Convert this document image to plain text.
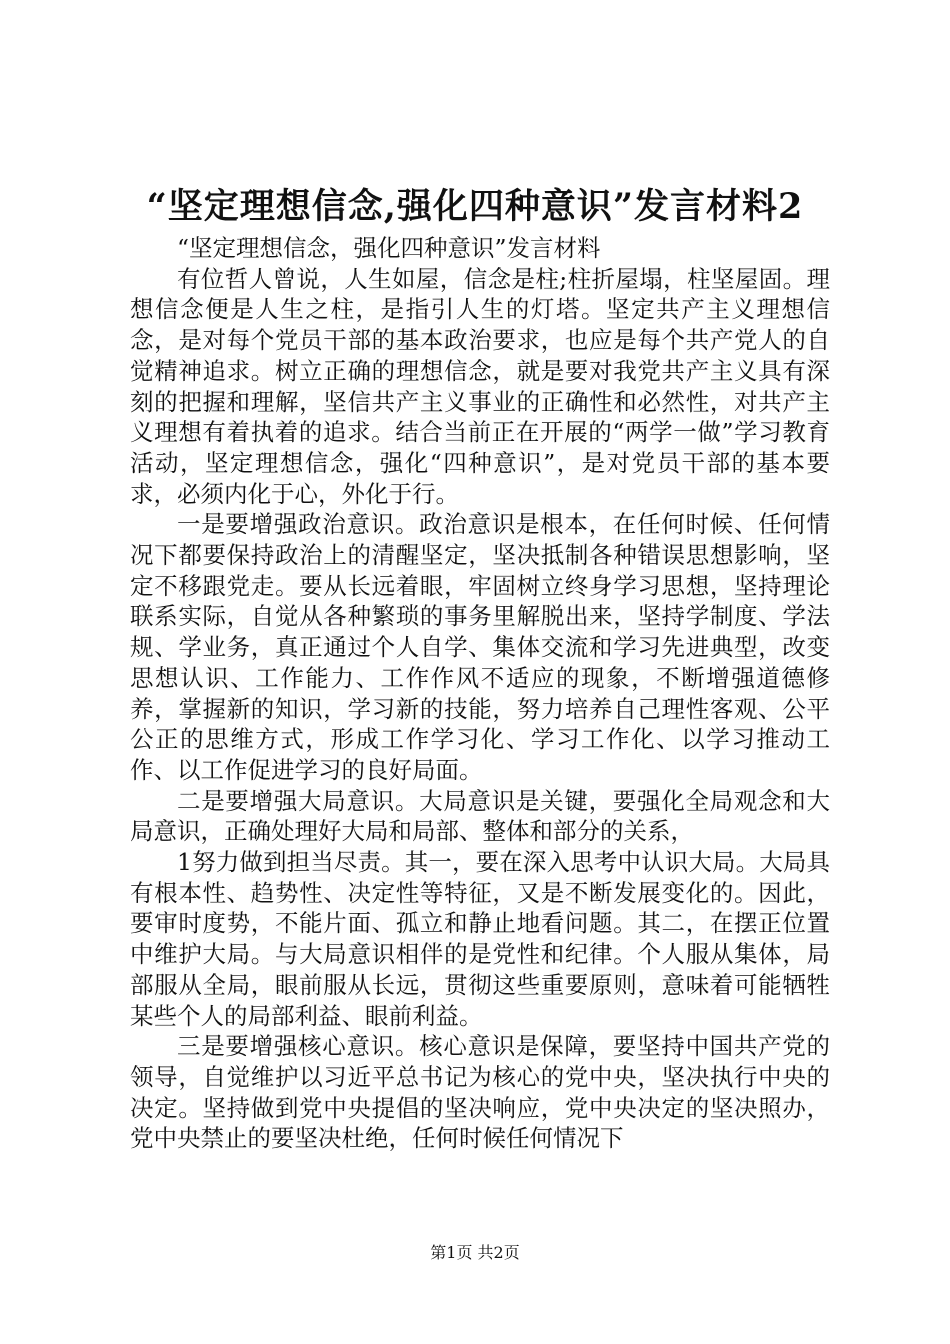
“坚定理想信念,强化四种意识”发言材料2

“坚定理想信念，强化四种意识”发言材料

有位哲人曾说，人生如屋，信念是柱;柱折屋塌，柱坚屋固。理想信念便是人生之柱，是指引人生的灯塔。坚定共产主义理想信念，是对每个党员干部的基本政治要求，也应是每个共产党人的自觉精神追求。树立正确的理想信念，就是要对我党共产主义具有深刻的把握和理解，坚信共产主义事业的正确性和必然性，对共产主义理想有着执着的追求。结合当前正在开展的“两学一做”学习教育活动，坚定理想信念，强化“四种意识”，是对党员干部的基本要求，必须内化于心，外化于行。

一是要增强政治意识。政治意识是根本，在任何时候、任何情况下都要保持政治上的清醒坚定，坚决抵制各种错误思想影响，坚定不移跟党走。要从长远着眼，牢固树立终身学习思想，坚持理论联系实际，自觉从各种繁琐的事务里解脱出来，坚持学制度、学法规、学业务，真正通过个人自学、集体交流和学习先进典型，改变思想认识、工作能力、工作作风不适应的现象，不断增强道德修养，掌握新的知识，学习新的技能，努力培养自己理性客观、公平公正的思维方式，形成工作学习化、学习工作化、以学习推动工作、以工作促进学习的良好局面。

二是要增强大局意识。大局意识是关键，要强化全局观念和大局意识，正确处理好大局和局部、整体和部分的关系，

1努力做到担当尽责。其一，要在深入思考中认识大局。大局具有根本性、趋势性、决定性等特征，又是不断发展变化的。因此，要审时度势，不能片面、孤立和静止地看问题。其二，在摆正位置中维护大局。与大局意识相伴的是党性和纪律。个人服从集体，局部服从全局，眼前服从长远，贯彻这些重要原则，意味着可能牺牲某些个人的局部利益、眼前利益。

三是要增强核心意识。核心意识是保障，要坚持中国共产党的领导，自觉维护以习近平总书记为核心的党中央，坚决执行中央的决定。坚持做到党中央提倡的坚决响应，党中央决定的坚决照办，党中央禁止的要坚决杜绝，任何时候任何情况下

第1页 共2页
